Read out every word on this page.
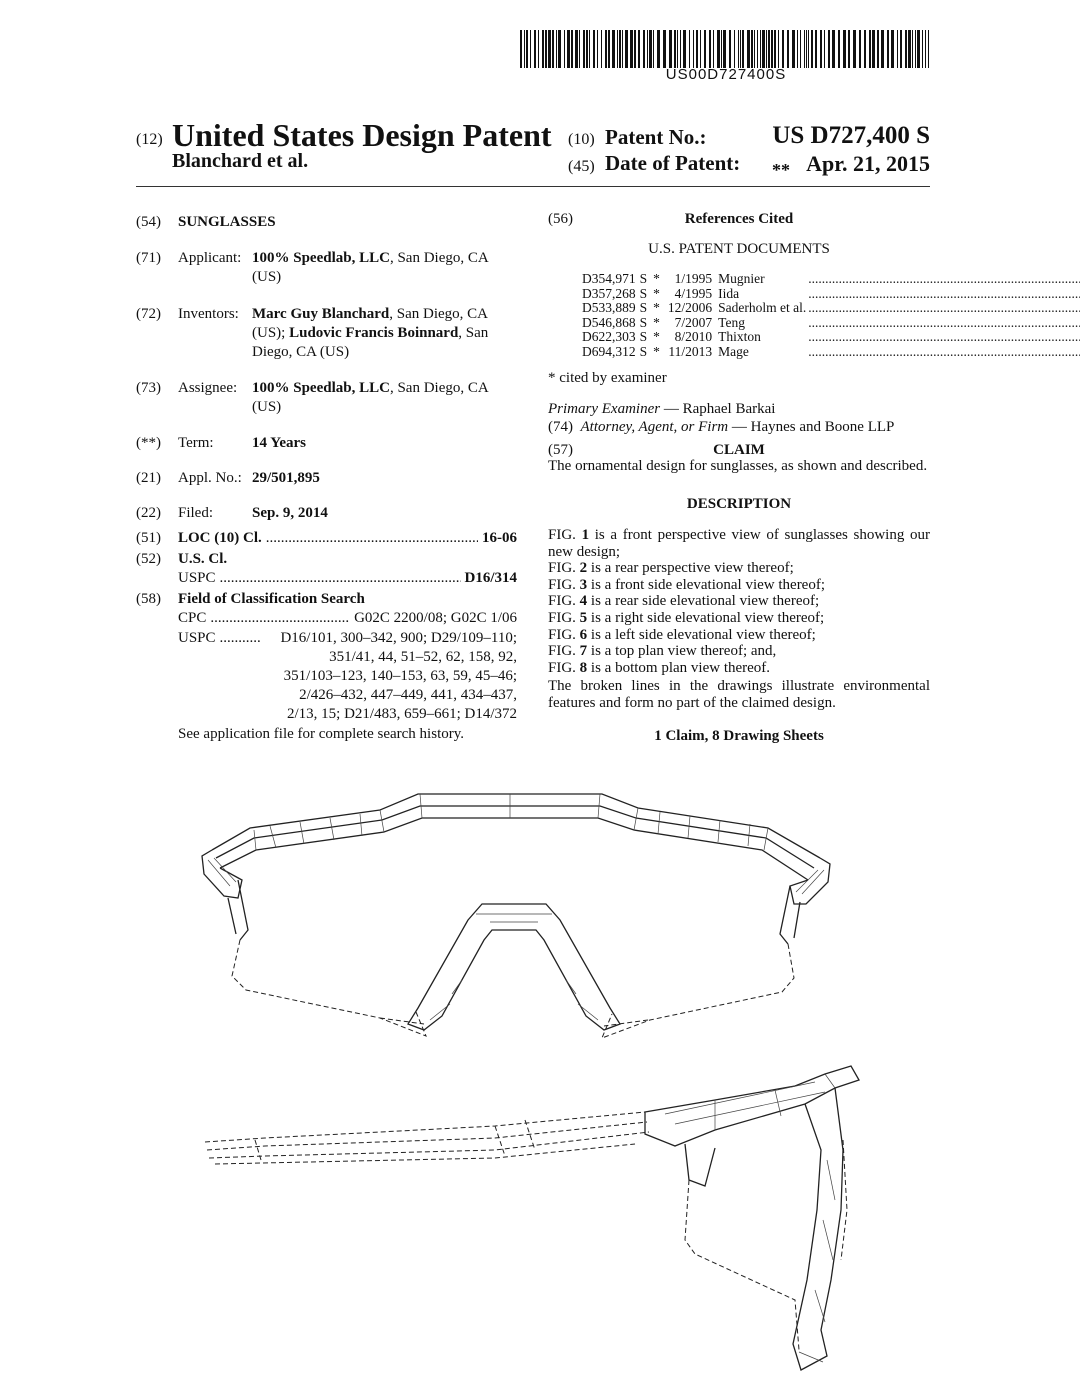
US00D727400S
(12) United States Design Patent
Blanchard et al.
(10) Patent No.:	US D727,400 S
(45) Date of Patent: ** Apr. 21, 2015
(54)	SUNGLASSES
(71)	Applicant: 100% Speedlab, LLC, San Diego, CA
(US)
(72)	Inventors: Marc Guy Blanchard, San Diego, CA
(US); Ludovic Francis Boinnard, San
Diego, CA (US)
(73)	Assignee: 100% Speedlab, LLC, San Diego, CA
(US)
(**)	Term:	14 Years
(21)	Appl. No.: 29/501,895
(22)	Filed:	Sep. 9, 2014
(51)	LOC (10) Cl. .....	16-06
(52)	U.S. Cl.
USPC .....	D16/314
(58)	Field of Classification Search
CPC .....	G02C 2200/08; G02C 1/06
USPC .....	D16/101, 300–342, 900; D29/109–110;
351/41, 44, 51–52, 62, 158, 92,
351/103–123, 140–153, 63, 59, 45–46;
2/426–432, 447–449, 441, 434–437,
2/13, 15; D21/483, 659–661; D14/372
See application file for complete search history.
(56)	References Cited
U.S. PATENT DOCUMENTS
D354,971	S	*	1/1995	Mugnier	
.....

D357,268	S	*	4/1995	Iida	
.....

D533,889	S	*	12/2006	Saderholm et al.	
.....

D546,868	S	*	7/2007	Teng	
.....

D622,303	S	*	8/2010	Thixton	
.....

D694,312	S	*	11/2013	Mage	
.....

* cited by examiner
Primary Examiner — Raphael Barkai
(74) Attorney, Agent, or Firm — Haynes and Boone LLP
(57)	CLAIM
The ornamental design for sunglasses, as shown and described.
DESCRIPTION
FIG. 1 is a front perspective view of sunglasses showing our new design;
FIG. 2 is a rear perspective view thereof;
FIG. 3 is a front side elevational view thereof;
FIG. 4 is a rear side elevational view thereof;
FIG. 5 is a right side elevational view thereof;
FIG. 6 is a left side elevational view thereof;
FIG. 7 is a top plan view thereof; and,
FIG. 8 is a bottom plan view thereof.
The broken lines in the drawings illustrate environmental features and form no part of the claimed design.
1 Claim, 8 Drawing Sheets
